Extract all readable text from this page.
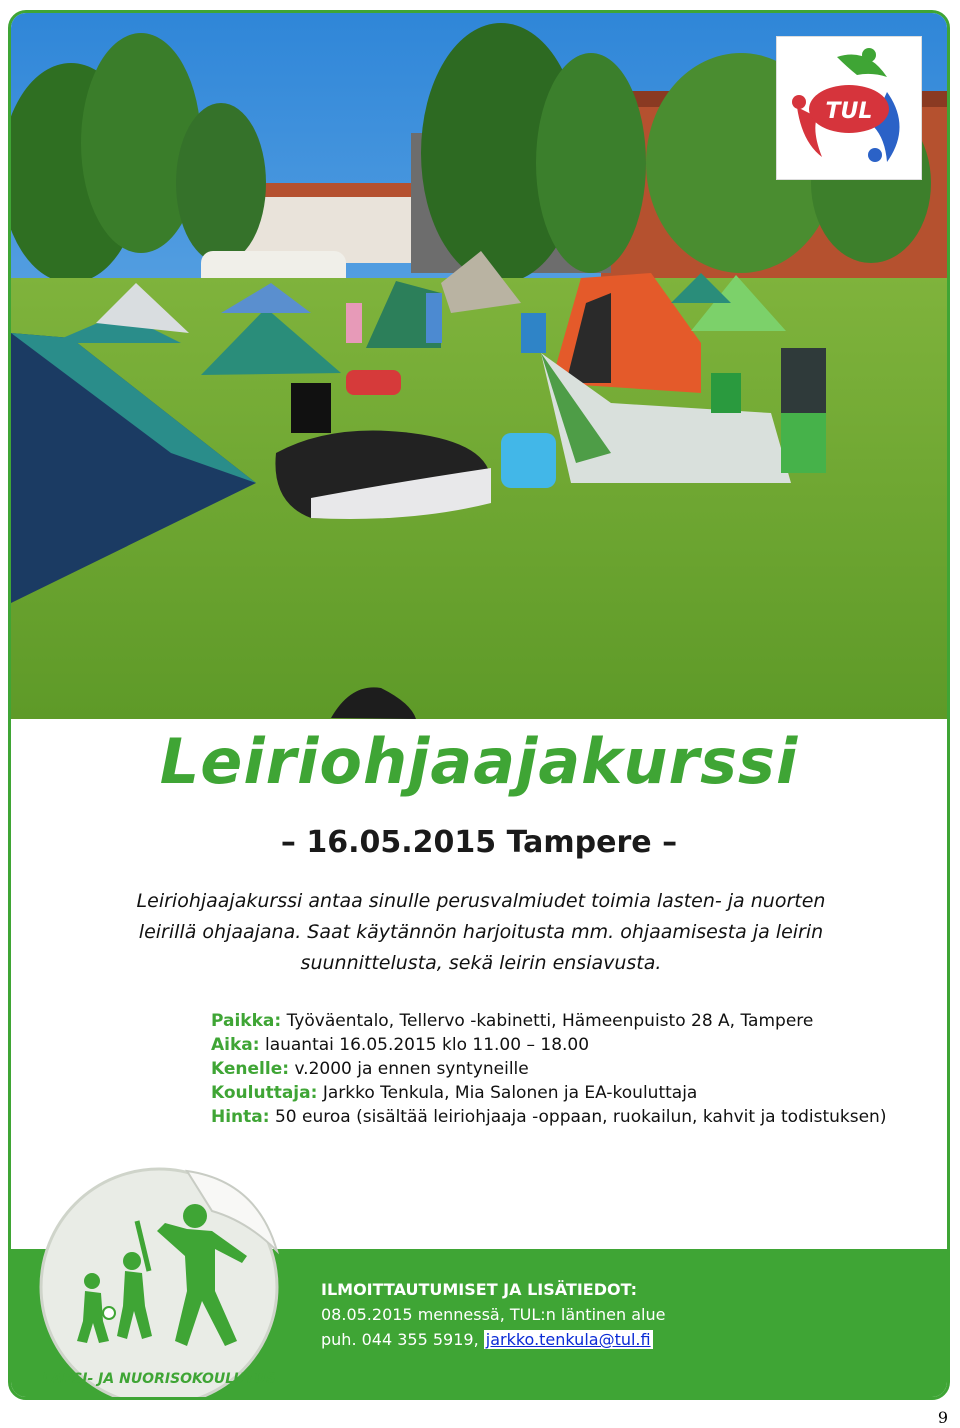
TUL
Leiriohjaajakurssi
– 16.05.2015 Tampere –
Leiriohjaajakurssi antaa sinulle perusvalmiudet toimia lasten- ja nuorten
leirillä ohjaajana. Saat käytännön harjoitusta mm. ohjaamisesta ja leirin
suunnittelusta, sekä leirin ensiavusta.
Paikka: Työväentalo, Tellervo -kabinetti, Hämeenpuisto 28 A, Tampere
Aika: lauantai 16.05.2015 klo 11.00 – 18.00
Kenelle: v.2000 ja ennen syntyneille
Kouluttaja: Jarkko Tenkula, Mia Salonen ja EA-kouluttaja
Hinta: 50 euroa (sisältää leiriohjaaja -oppaan, ruokailun, kahvit ja todistuksen)
ILMOITTAUTUMISET JA LISÄTIEDOT:
08.05.2015 mennessä, TUL:n läntinen alue
puh. 044 355 5919, jarkko.tenkula@tul.fi
LAPSI- JA NUORISOKOULUTUS
9
